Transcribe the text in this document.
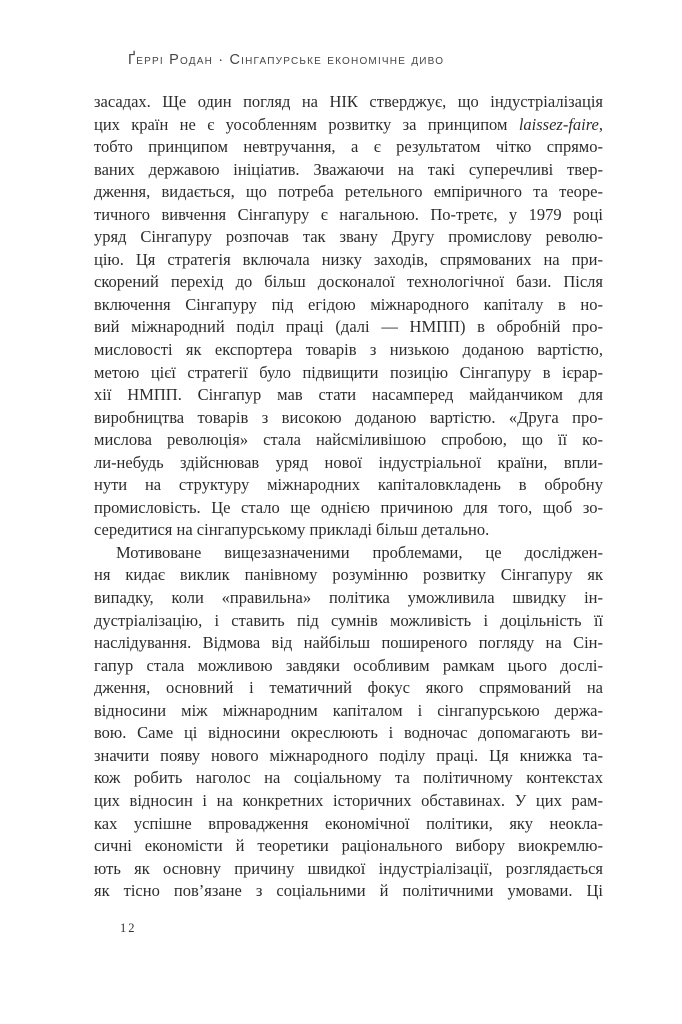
Ґеррі Родан · Сінгапурське економічне диво
засадах. Ще один погляд на НІК стверджує, що індустріалізація
цих країн не є уособленням розвитку за принципом laissez-faire,
тобто принципом невтручання, а є результатом чітко спрямо-
ваних державою ініціатив. Зважаючи на такі суперечливі твер-
дження, видається, що потреба ретельного емпіричного та теоре-
тичного вивчення Сінгапуру є нагальною. По-третє, у 1979 році
уряд Сінгапуру розпочав так звану Другу промислову револю-
цію. Ця стратегія включала низку заходів, спрямованих на при-
скорений перехід до більш досконалої технологічної бази. Після
включення Сінгапуру під егідою міжнародного капіталу в но-
вий міжнародний поділ праці (далі — НМПП) в обробній про-
мисловості як експортера товарів з низькою доданою вартістю,
метою цієї стратегії було підвищити позицію Сінгапуру в ієрар-
хії НМПП. Сінгапур мав стати насамперед майданчиком для
виробництва товарів з високою доданою вартістю. «Друга про-
мислова революція» стала найсміливішою спробою, що її ко-
ли-небудь здійснював уряд нової індустріальної країни, впли-
нути на структуру міжнародних капіталовкладень в обробну
промисловість. Це стало ще однією причиною для того, щоб зо-
середитися на сінгапурському прикладі більш детально.
Мотивоване вищезазначеними проблемами, це досліджен-
ня кидає виклик панівному розумінню розвитку Сінгапуру як
випадку, коли «правильна» політика уможливила швидку ін-
дустріалізацію, і ставить під сумнів можливість і доцільність її
наслідування. Відмова від найбільш поширеного погляду на Сін-
гапур стала можливою завдяки особливим рамкам цього дослі-
дження, основний і тематичний фокус якого спрямований на
відносини між міжнародним капіталом і сінгапурською держа-
вою. Саме ці відносини окреслюють і водночас допомагають ви-
значити появу нового міжнародного поділу праці. Ця книжка та-
кож робить наголос на соціальному та політичному контекстах
цих відносин і на конкретних історичних обставинах. У цих рам-
ках успішне впровадження економічної політики, яку неокла-
сичні економісти й теоретики раціонального вибору виокремлю-
ють як основну причину швидкої індустріалізації, розглядається
як тісно пов’язане з соціальними й політичними умовами. Ці
12
